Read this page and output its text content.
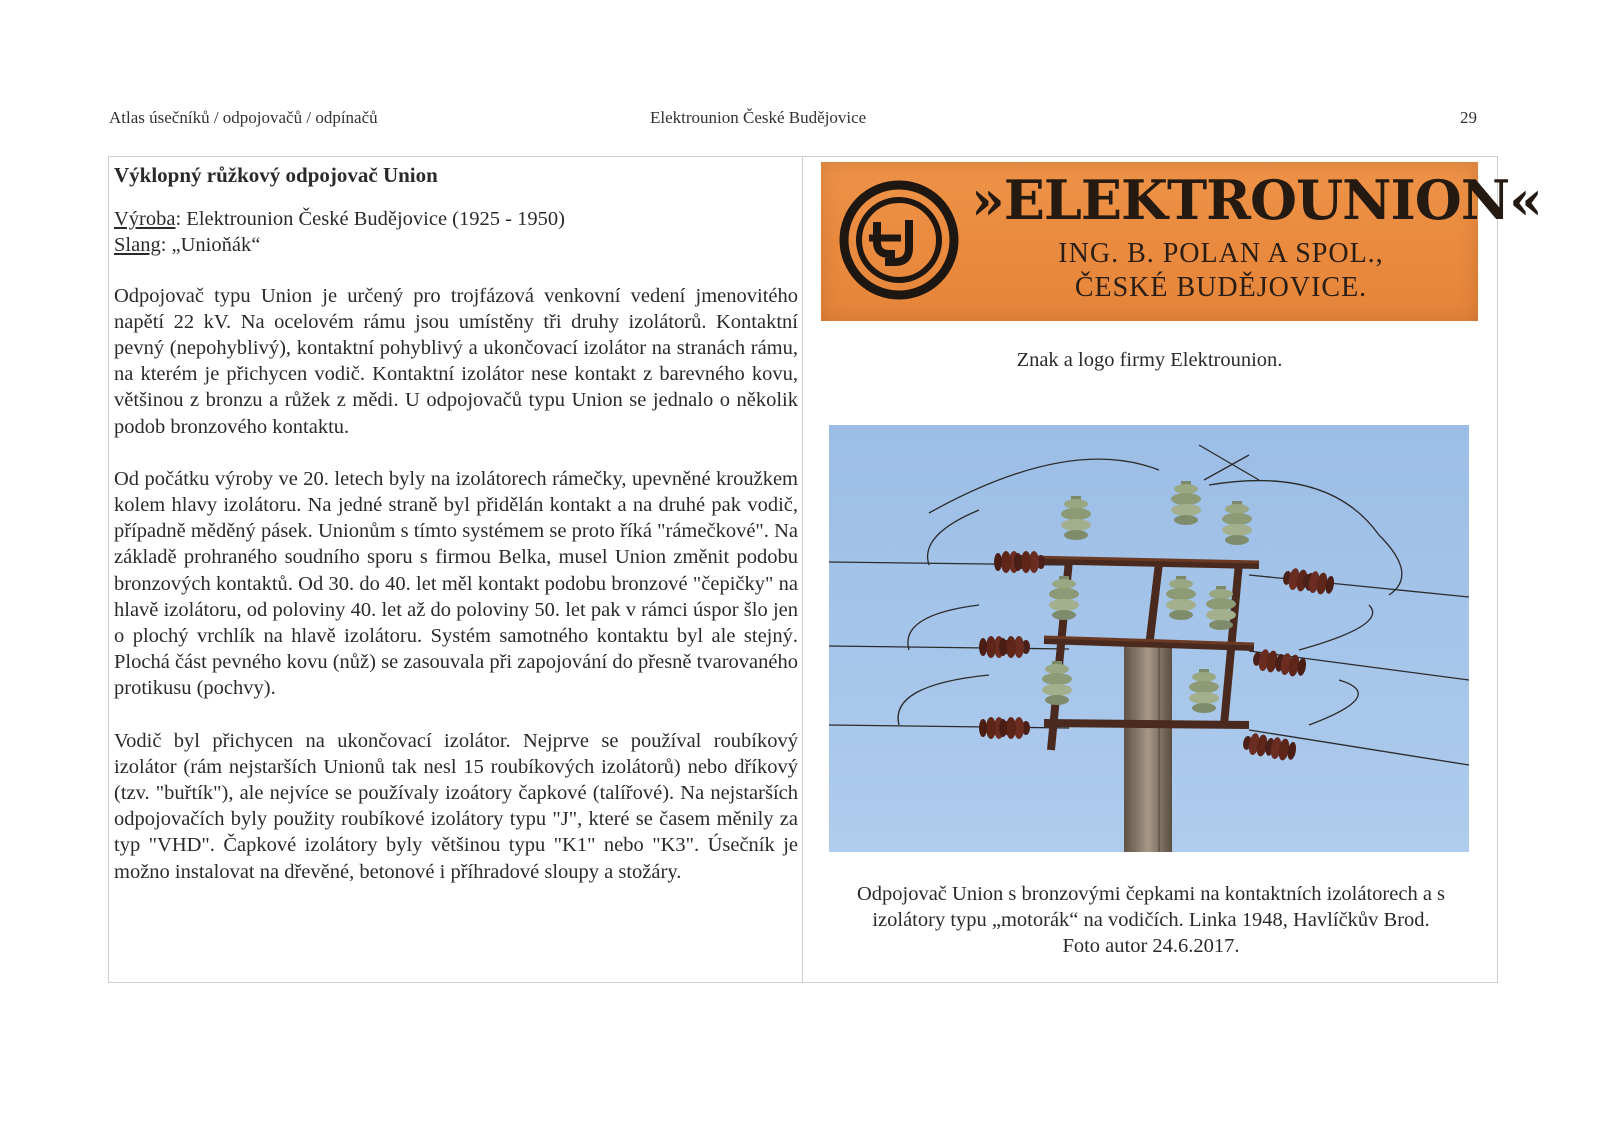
Atlas úsečníků / odpojovačů / odpínačů	Elektrounion České Budějovice	29
Výklopný růžkový odpojovač Union

Výroba: Elektrounion České Budějovice (1925 - 1950)

Slang: „Unioňák“

Odpojovač typu Union je určený pro trojfázová venkovní vedení jmenovitého napětí 22 kV. Na ocelovém rámu jsou umístěny tři druhy izolátorů. Kontaktní pevný (nepohyblivý), kontaktní pohyblivý a ukončovací izolátor na stranách rámu, na kterém je přichycen vodič. Kontaktní izolátor nese kontakt z barevného kovu, většinou z bronzu a růžek z mědi. U odpojovačů typu Union se jednalo o několik podob bronzového kontaktu.

Od počátku výroby ve 20. letech byly na izolátorech rámečky, upevněné kroužkem kolem hlavy izolátoru. Na jedné straně byl přidělán kontakt a na druhé pak vodič, případně měděný pásek. Unionům s tímto systémem se proto říká "rámečkové". Na základě prohraného soudního sporu s firmou Belka, musel Union změnit podobu bronzových kontaktů. Od 30. do 40. let měl kontakt podobu bronzové "čepičky" na hlavě izolátoru, od poloviny 40. let až do poloviny 50. let pak v rámci úspor šlo jen o plochý vrchlík na hlavě izolátoru. Systém samotného kontaktu byl ale stejný. Plochá část pevného kovu (nůž) se zasouvala při zapojování do přesně tvarovaného protikusu (pochvy).

Vodič byl přichycen na ukončovací izolátor. Nejprve se používal roubíkový izolátor (rám nejstarších Unionů tak nesl 15 roubíkových izolátorů) nebo dříkový (tzv. "buřtík"), ale nejvíce se používaly izoátory čapkové (talířové). Na nejstarších odpojovačích byly použity roubíkové izolátory typu "J", které se časem měnily za typ "VHD". Čapkové izolátory byly většinou typu "K1" nebo "K3". Úsečník je možno instalovat na dřevěné, betonové i příhradové sloupy a stožáry.

»ELEKTROUNION«
ING. B. POLAN A SPOL.,
ČESKÉ BUDĚJOVICE.
Znak a logo firmy Elektrounion.
Odpojovač Union s bronzovými čepkami na kontaktních izolátorech a s
izolátory typu „motorák“ na vodičích. Linka 1948, Havlíčkův Brod.
Foto autor 24.6.2017.
